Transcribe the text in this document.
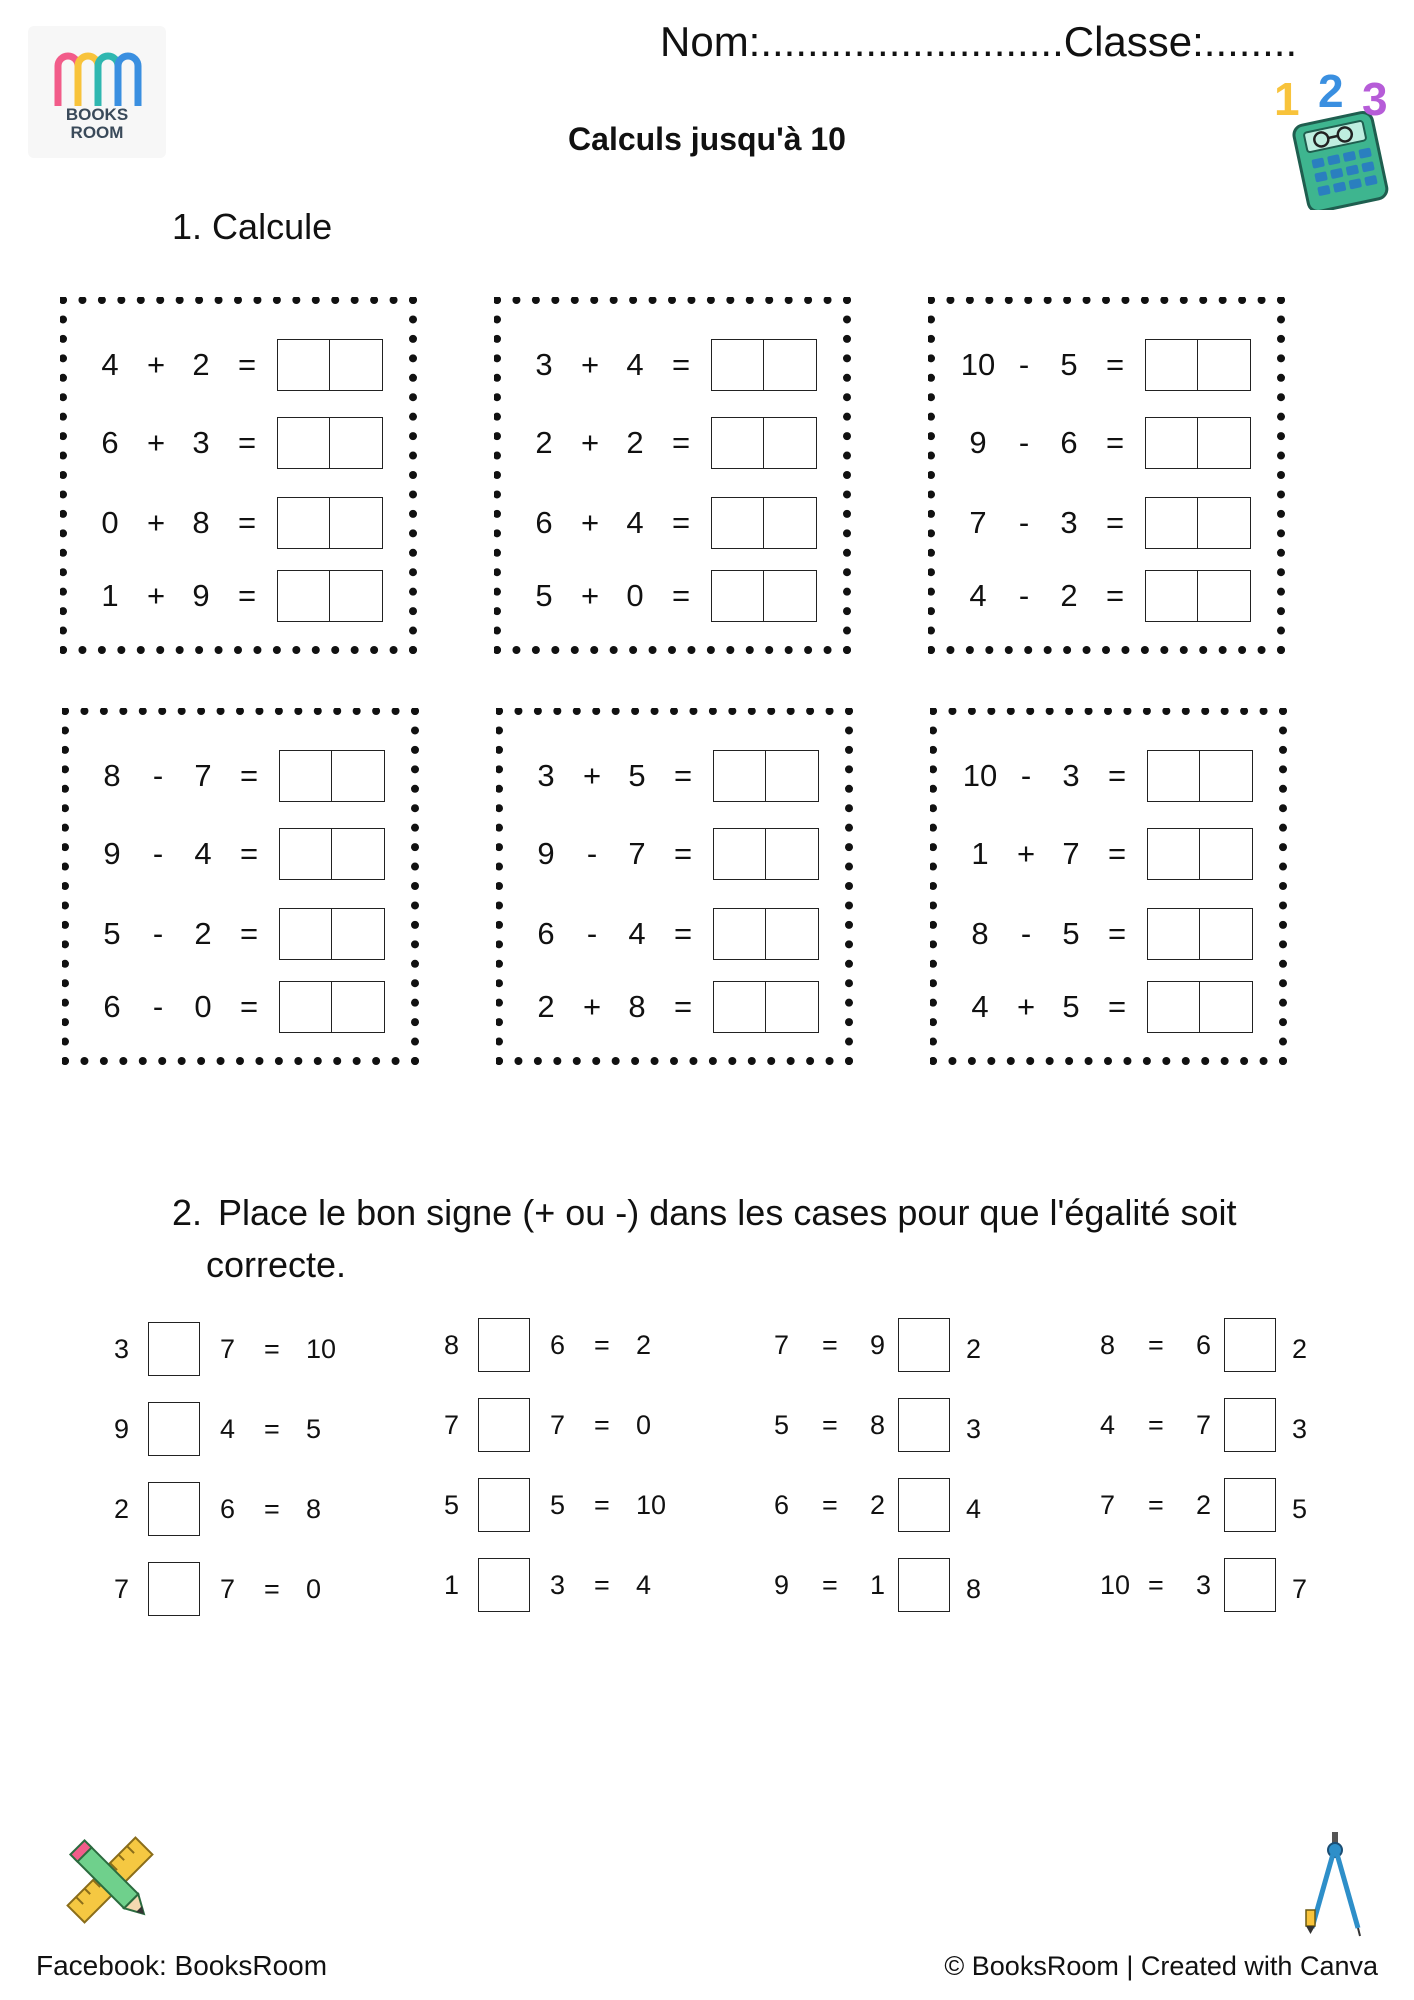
Nom:..........................Classe:........
BOOKS
ROOM
1 2 3
Calculs jusqu'à 10
1. Calcule
4 + 2 =
6 + 3 =
0 + 8 =
1 + 9 =
3 + 4 =
2 + 2 =
6 + 4 =
5 + 0 =
10 -	5 =
9	-	6 =
7	-	3 =
4	-	2 =
8	-	7 =
9	-	4 =
5	-	2 =
6	-	0 =
3 + 5 =
9	-	7 =
6	-	4 =
2 + 8 =
10 -	3 =
1 + 7 =
8	-	5 =
4 + 5 =
2. Place le bon signe (+ ou -) dans les cases pour que l'égalité soit
correcte.
3	7 = 10
9	4 = 5
2	6 = 8
7	7 = 0
8	6 = 2
7	7 = 0
5	5 = 10
1	3 = 4
7 = 9	2
5 = 8	3
6 = 2	4
9 = 1	8
8 = 6	2
4 = 7	3
7 = 2	5
10 = 3	7
Facebook: BooksRoom	© BooksRoom | Created with Canva
